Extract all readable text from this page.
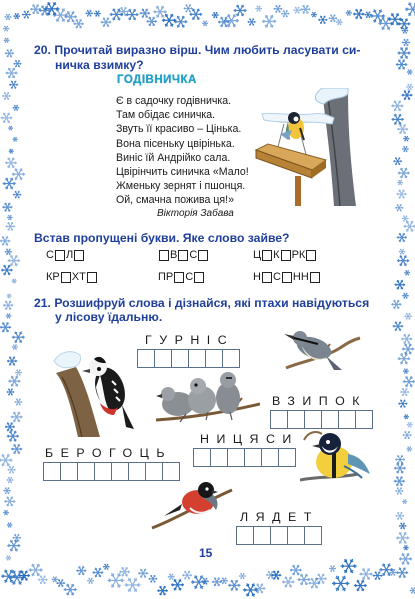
20. Прочитай виразно вірш. Чим любить ласувати си-
ничка взимку?
ГОДІВНИЧКА
Є в садочку годівничка.
Там обідає синичка.
Звуть її красиво – Цінька.
Вона пісеньку цвірінька.
Виніс їй Андрійко сала.
Цвірінчить синичка «Мало!
Жменьку зернят і пшонця.
Ой, смачна пожива ця!»
Вікторія Забава
Встав пропущені букви. Яке слово зайве?
С Л	В С	Ц К РК
КР ХТ	ПР С	Н С НН
21. Розшифруй слова і дізнайся, які птахи навідуються
у лісову їдальню.
ГУРНІС
ВЗИПОК
НИЦЯСИ
БЕРОГОЦЬ
ЛЯДЕТ
15
